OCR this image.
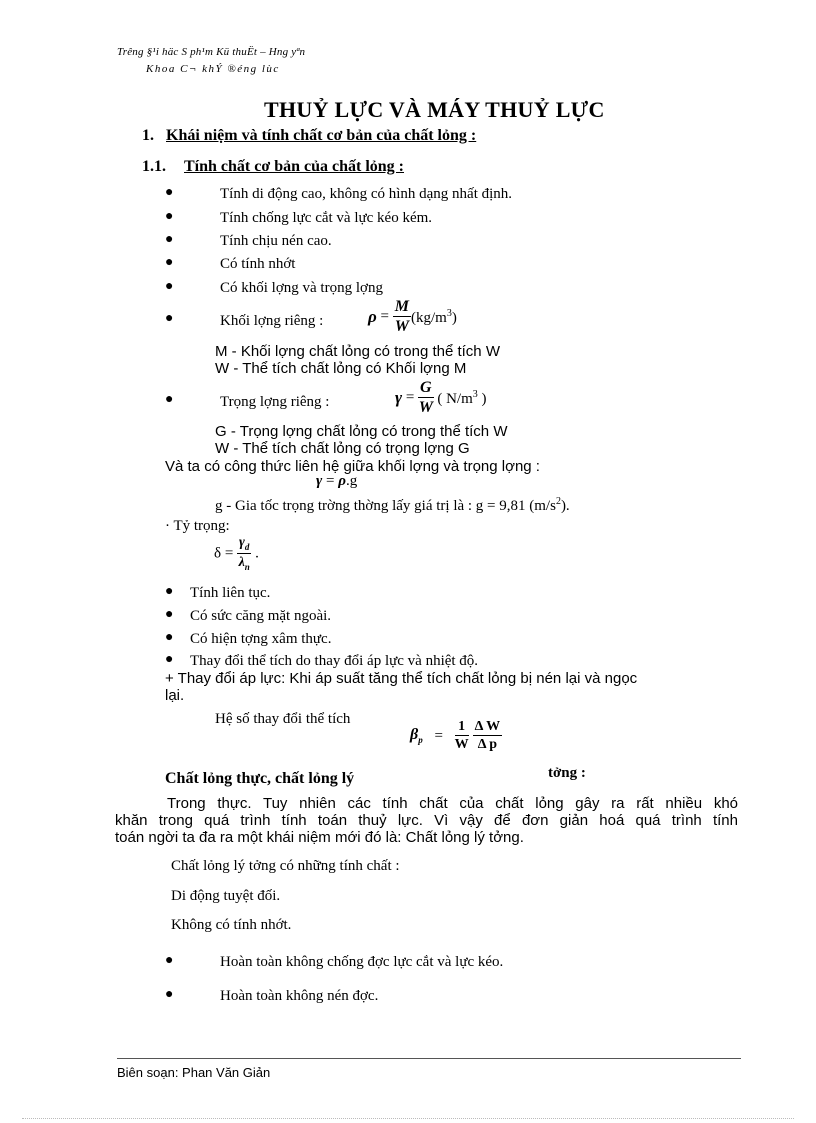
Trêng §¹i häc S ph¹m Kü thuËt – Hng yªn
Khoa C¬ khÝ ®éng lùc
THUỶ LỰC VÀ MÁY THUỶ LỰC
1. Khái niệm và tính chất cơ bản của chất lỏng :
1.1. Tính chất cơ bản của chất lỏng :
●	Tính di động cao, không có hình dạng nhất định.
●	Tính chống lực cắt và lực kéo kém.
●	Tính chịu nén cao.
●	Có tính nhớt
●	Có khối lợng và trọng lợng
●	Khối lợng riêng :	$\rho = \frac{M}{W} (kg/m^3)$
M - Khối lợng chất lỏng có trong thể tích W
W - Thể tích chất lỏng có Khối lợng M
●	Trọng lợng riêng :	$\gamma = \frac{G}{W}$ ( $N/m^3$ )
G - Trọng lợng chất lỏng có trong thể tích W
W - Thể tích chất lỏng có trọng lợng G
Và ta có công thức liên hệ giữa khối lợng và trọng lợng :
γ = ρ.g
g - Gia tốc trọng trờng thờng lấy giá trị là : g = 9,81 $(m/s^2)$.
· Tỷ trọng:
$\delta = \frac{\gamma_d}{\lambda_n}$ .
● Tính liên tục.
● Có sức căng mặt ngoài.
● Có hiện tợng xâm thực.
● Thay đổi thể tích do thay đổi áp lực và nhiệt độ.
+ Thay đổi áp lực: Khi áp suất tăng thể tích chất lỏng bị nén lại và ngọc
lại.
Hệ số thay đổi thể tích
$\beta_p = \frac{1}{W} \frac{\text{Δ W}}{\text{Δ p}}$
Chất lỏng thực, chất lỏng lý	tởng :
Trong thực. Tuy nhiên các tính chất của chất lỏng gây ra rất nhiều khó
khăn trong quá trình tính toán thuỷ lực. Vì vậy để đơn giản hoá quá trình tính
toán ngời ta đa ra một khái niệm mới đó là: Chất lỏng lý tởng.
Chất lỏng lý tởng có những tính chất :
Di động tuyệt đối.
Không có tính nhớt.
●	Hoàn toàn không chống đợc lực cắt và lực kéo.
●	Hoàn toàn không nén đợc.
Biên soạn: Phan Văn Giản
